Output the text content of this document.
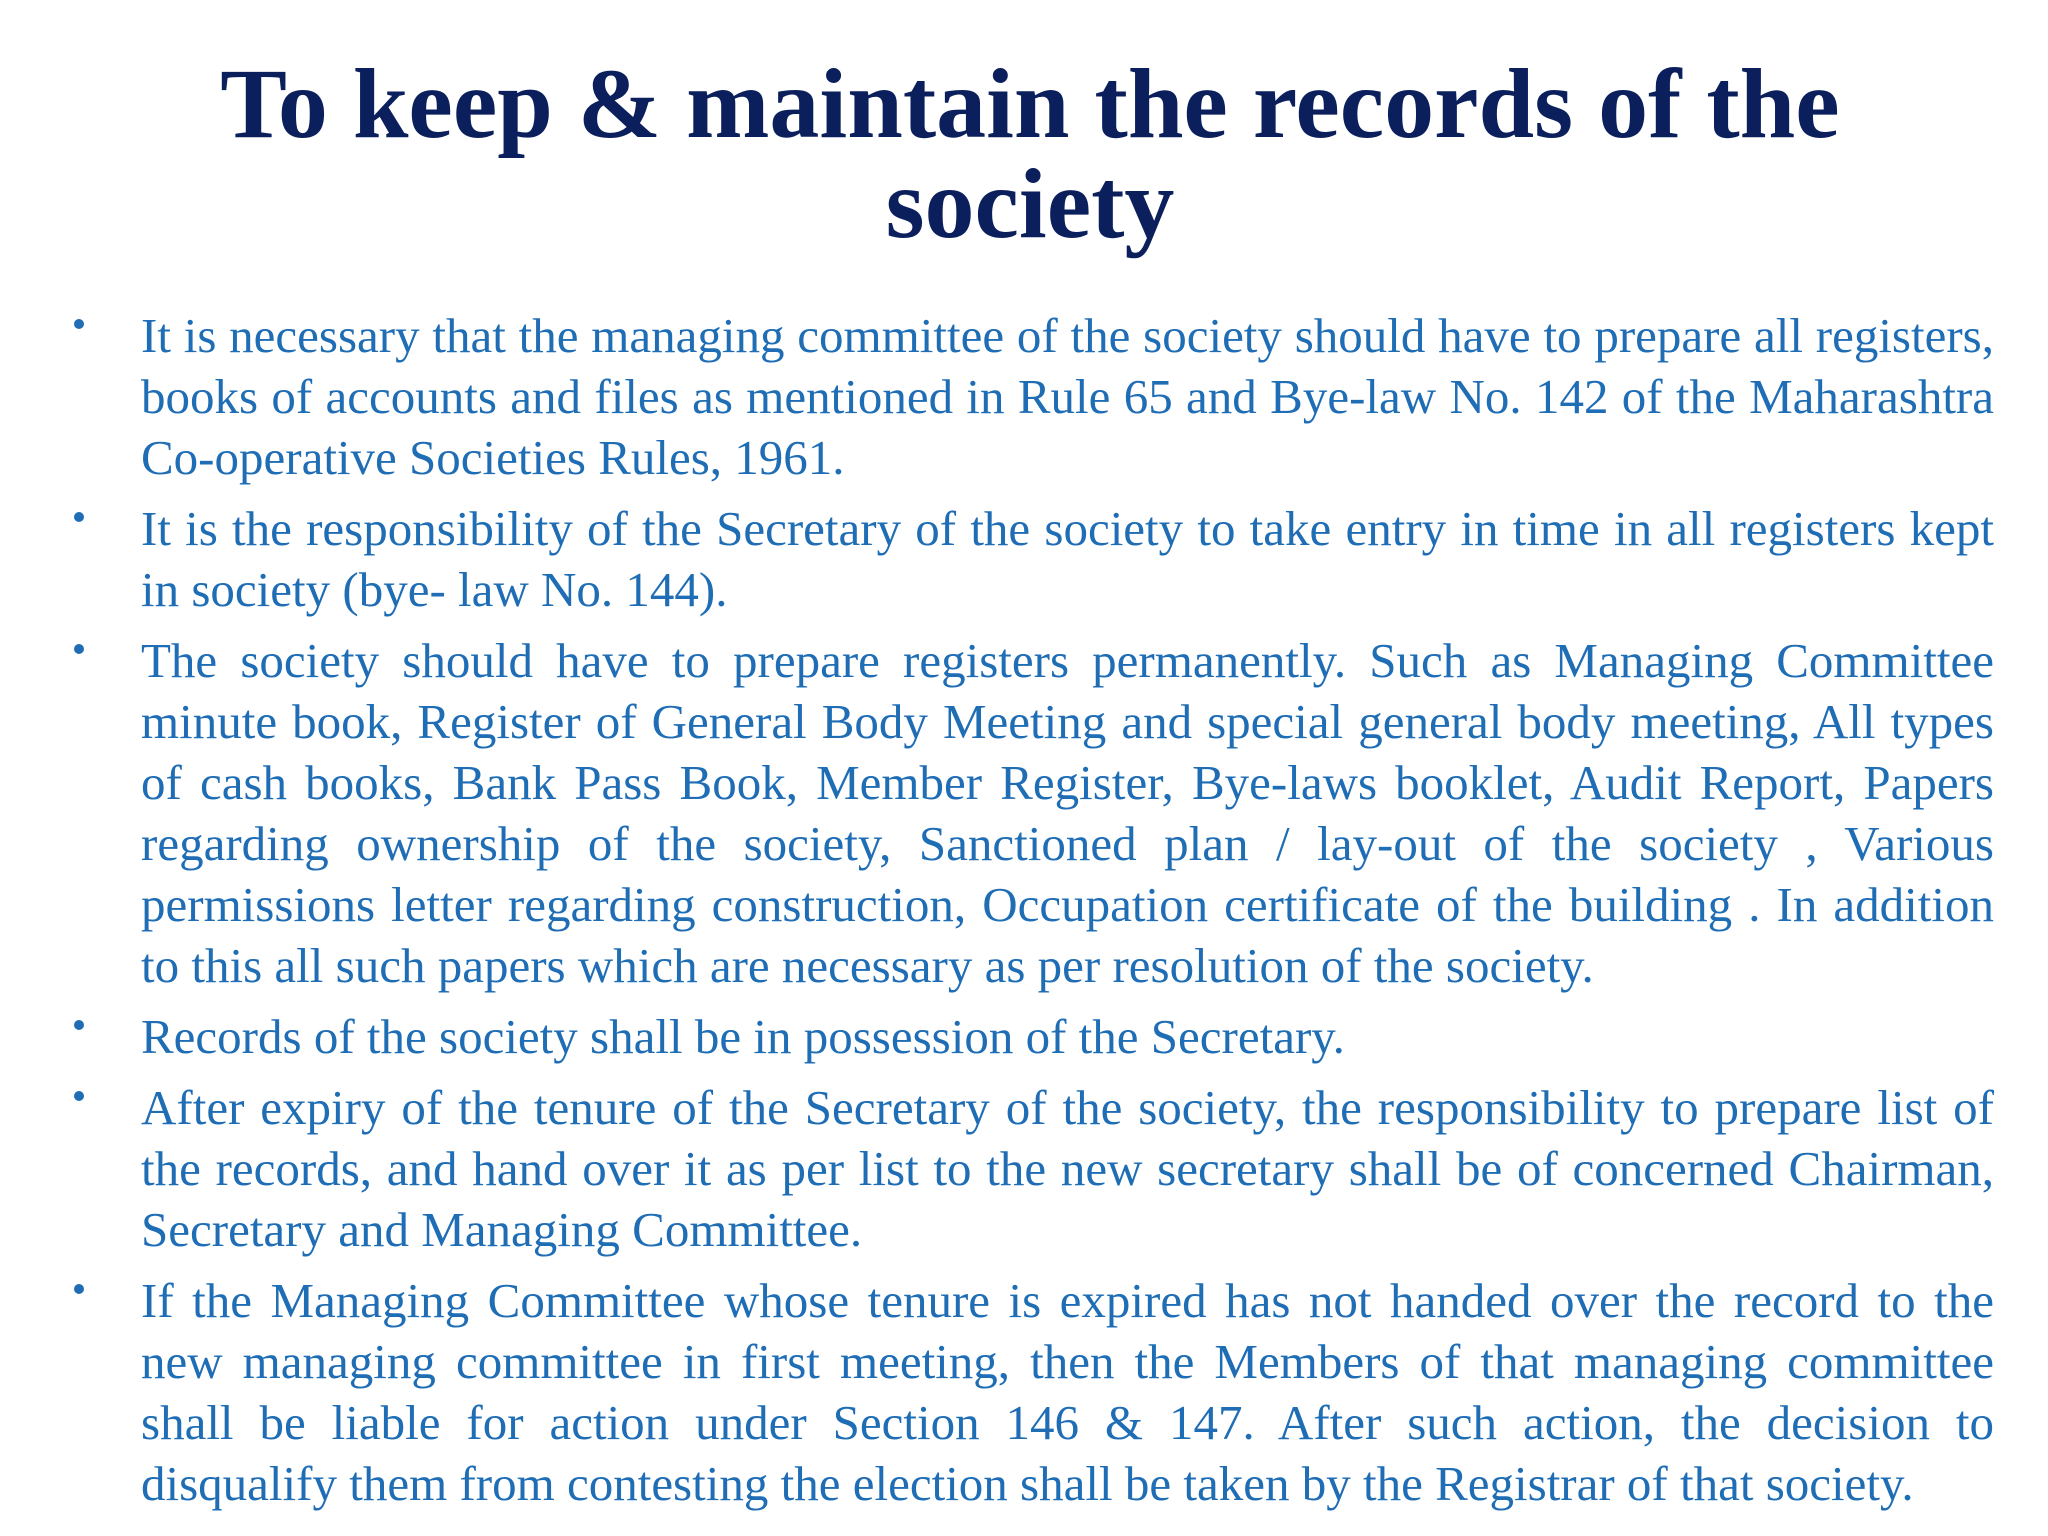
To keep & maintain the records of the society
It is necessary that the managing committee of the society should have to prepare all registers, books of accounts and files as mentioned in Rule 65 and Bye-law No. 142 of the Maharashtra Co-operative Societies Rules, 1961.
It is the responsibility of the Secretary of the society to take entry in time in all registers kept in society (bye- law No. 144).
The society should have to prepare registers permanently. Such as Managing Committee minute book, Register of General Body Meeting and special general body meeting, All types of cash books, Bank Pass Book, Member Register, Bye-laws booklet, Audit Report, Papers regarding ownership of the society, Sanctioned plan / lay-out of the society , Various permissions letter regarding construction, Occupation certificate of the building . In addition to this all such papers which are necessary as per resolution of the society.
Records of the society shall be in possession of the Secretary.
After expiry of the tenure of the Secretary of the society, the responsibility to prepare list of the records, and hand over it as per list to the new secretary shall be of concerned Chairman, Secretary and Managing Committee.
If the Managing Committee whose tenure is expired has not handed over the record to the new managing committee in first meeting, then the Members of that managing committee shall be liable for action under Section 146 & 147. After such action, the decision to disqualify them from contesting the election shall be taken by the Registrar of that society.
